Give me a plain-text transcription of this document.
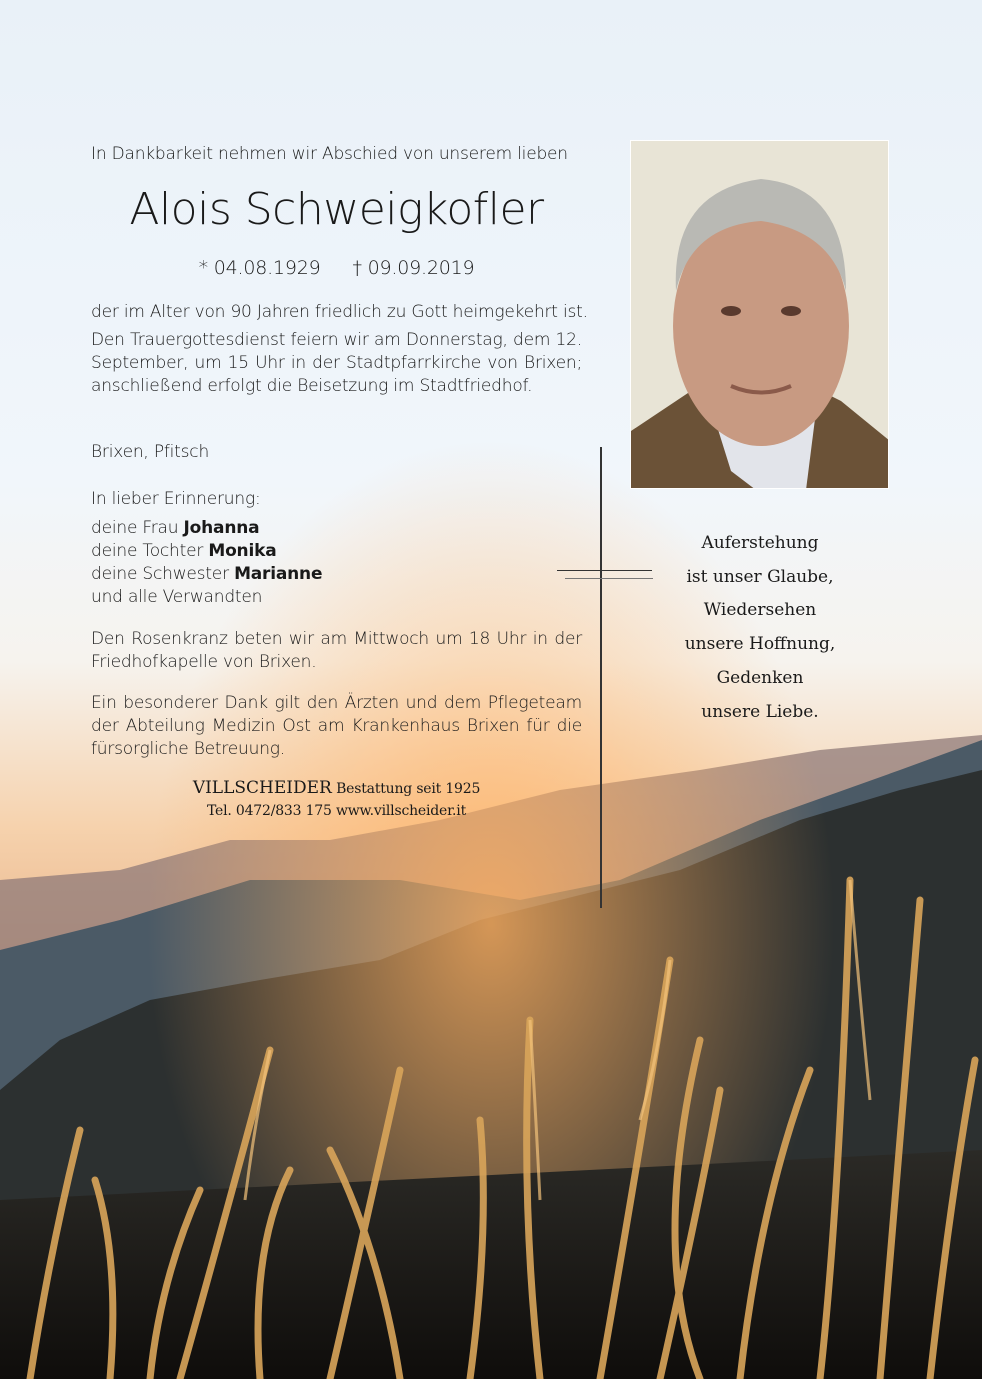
In Dankbarkeit nehmen wir Abschied von unserem lieben
Alois Schweigkofler
* 04.08.1929 † 09.09.2019
der im Alter von 90 Jahren friedlich zu Gott heimgekehrt ist.
Den Trauergottesdienst feiern wir am Donnerstag, dem 12. September, um 15 Uhr in der Stadtpfarrkirche von Brixen; anschließend erfolgt die Beisetzung im Stadtfriedhof.
Brixen, Pfitsch
In lieber Erinnerung:
deine Frau Johanna
deine Tochter Monika
deine Schwester Marianne
und alle Verwandten
Den Rosenkranz beten wir am Mittwoch um 18 Uhr in der Friedhofkapelle von Brixen.
Ein besonderer Dank gilt den Ärzten und dem Pflegeteam der Abteilung Medizin Ost am Krankenhaus Brixen für die fürsorgliche Betreuung.
VILLSCHEIDER Bestattung seit 1925
Tel. 0472/833 175 www.villscheider.it
Auferstehung
ist unser Glaube,
Wiedersehen
unsere Hoffnung,
Gedenken
unsere Liebe.
